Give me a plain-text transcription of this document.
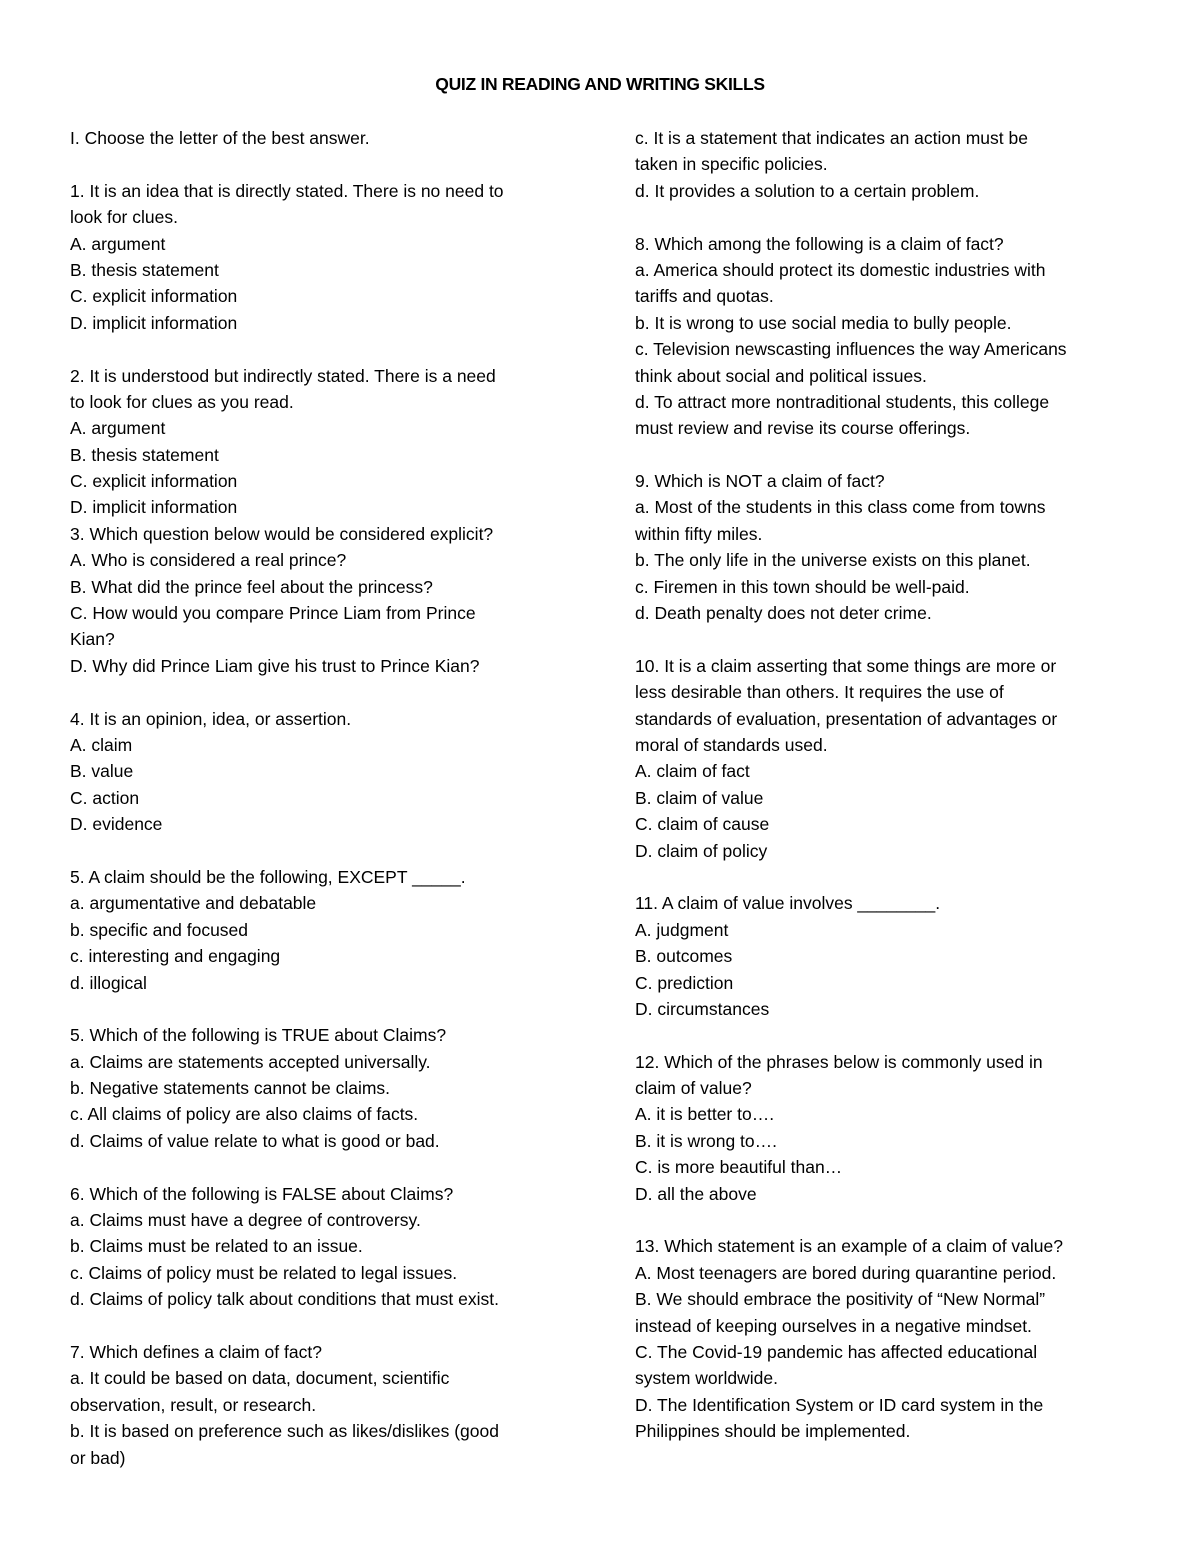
QUIZ IN READING AND WRITING SKILLS
I. Choose the letter of the best answer.
1. It is an idea that is directly stated. There is no need to
look for clues.
A. argument
B. thesis statement
C. explicit information
D. implicit information
2. It is understood but indirectly stated. There is a need
to look for clues as you read.
A. argument
B. thesis statement
C. explicit information
D. implicit information
3. Which question below would be considered explicit?
A. Who is considered a real prince?
B. What did the prince feel about the princess?
C. How would you compare Prince Liam from Prince
Kian?
D. Why did Prince Liam give his trust to Prince Kian?
4. It is an opinion, idea, or assertion.
A. claim
B. value
C. action
D. evidence
5. A claim should be the following, EXCEPT _____.
a. argumentative and debatable
b. specific and focused
c. interesting and engaging
d. illogical
5. Which of the following is TRUE about Claims?
a. Claims are statements accepted universally.
b. Negative statements cannot be claims.
c. All claims of policy are also claims of facts.
d. Claims of value relate to what is good or bad.
6. Which of the following is FALSE about Claims?
a. Claims must have a degree of controversy.
b. Claims must be related to an issue.
c. Claims of policy must be related to legal issues.
d. Claims of policy talk about conditions that must exist.
7. Which defines a claim of fact?
a. It could be based on data, document, scientific
observation, result, or research.
b. It is based on preference such as likes/dislikes (good
or bad)
c. It is a statement that indicates an action must be
taken in specific policies.
d. It provides a solution to a certain problem.
8. Which among the following is a claim of fact?
a. America should protect its domestic industries with
tariffs and quotas.
b. It is wrong to use social media to bully people.
c. Television newscasting influences the way Americans
think about social and political issues.
d. To attract more nontraditional students, this college
must review and revise its course offerings.
9. Which is NOT a claim of fact?
a. Most of the students in this class come from towns
within fifty miles.
b. The only life in the universe exists on this planet.
c. Firemen in this town should be well-paid.
d. Death penalty does not deter crime.
10. It is a claim asserting that some things are more or
less desirable than others. It requires the use of
standards of evaluation, presentation of advantages or
moral of standards used.
A. claim of fact
B. claim of value
C. claim of cause
D. claim of policy
11. A claim of value involves ________.
A. judgment
B. outcomes
C. prediction
D. circumstances
12. Which of the phrases below is commonly used in
claim of value?
A. it is better to….
B. it is wrong to….
C. is more beautiful than…
D. all the above
13. Which statement is an example of a claim of value?
A. Most teenagers are bored during quarantine period.
B. We should embrace the positivity of “New Normal”
instead of keeping ourselves in a negative mindset.
C. The Covid-19 pandemic has affected educational
system worldwide.
D. The Identification System or ID card system in the
Philippines should be implemented.
